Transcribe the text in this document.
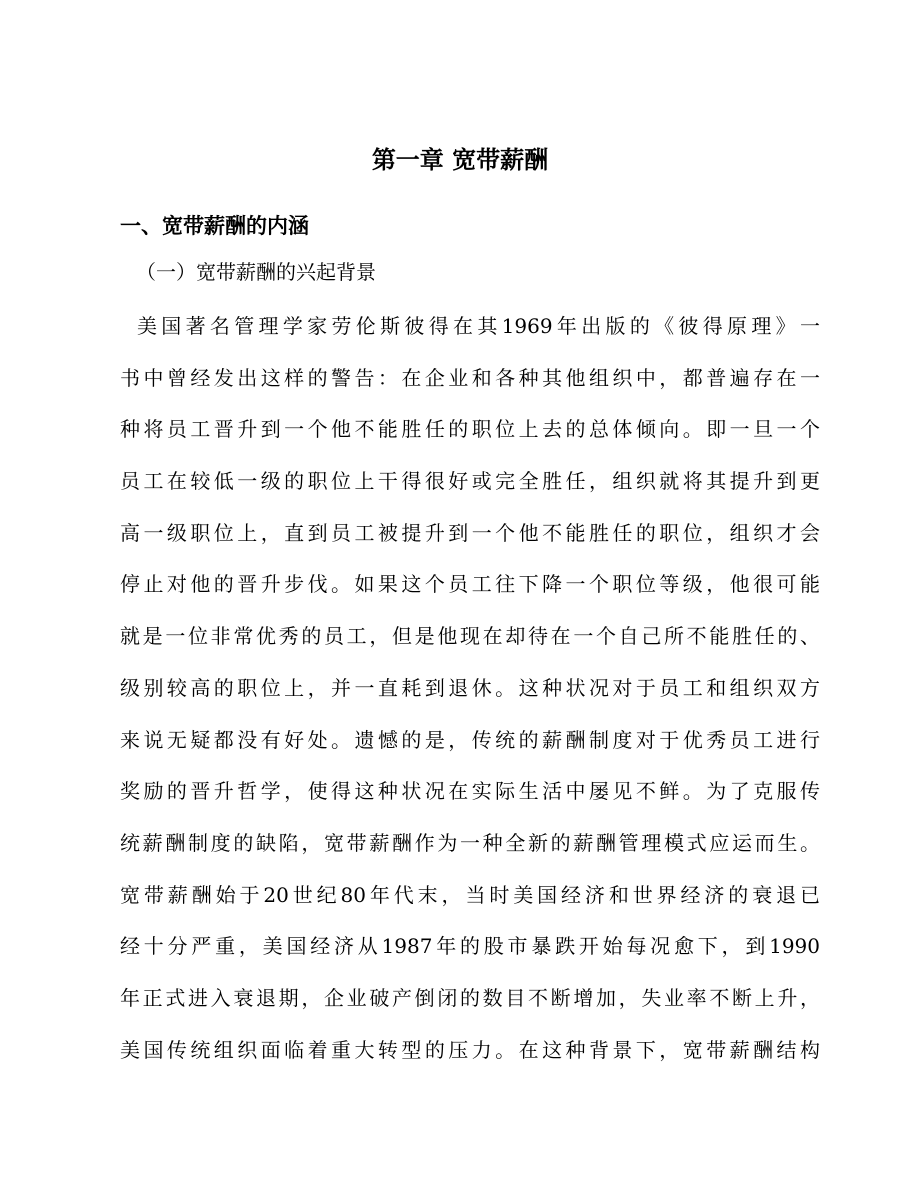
第一章 宽带薪酬
一、宽带薪酬的内涵
（一）宽带薪酬的兴起背景
美国著名管理学家劳伦斯彼得在其1969年出版的《彼得原理》一
书中曾经发出这样的警告：在企业和各种其他组织中，都普遍存在一
种将员工晋升到一个他不能胜任的职位上去的总体倾向。即一旦一个
员工在较低一级的职位上干得很好或完全胜任，组织就将其提升到更
高一级职位上，直到员工被提升到一个他不能胜任的职位，组织才会
停止对他的晋升步伐。如果这个员工往下降一个职位等级，他很可能
就是一位非常优秀的员工，但是他现在却待在一个自己所不能胜任的、
级别较高的职位上，并一直耗到退休。这种状况对于员工和组织双方
来说无疑都没有好处。遗憾的是，传统的薪酬制度对于优秀员工进行
奖励的晋升哲学，使得这种状况在实际生活中屡见不鲜。为了克服传
统薪酬制度的缺陷，宽带薪酬作为一种全新的薪酬管理模式应运而生。
宽带薪酬始于20世纪80年代末，当时美国经济和世界经济的衰退已
经十分严重，美国经济从1987年的股市暴跌开始每况愈下，到1990
年正式进入衰退期，企业破产倒闭的数目不断增加，失业率不断上升，
美国传统组织面临着重大转型的压力。在这种背景下，宽带薪酬结构
